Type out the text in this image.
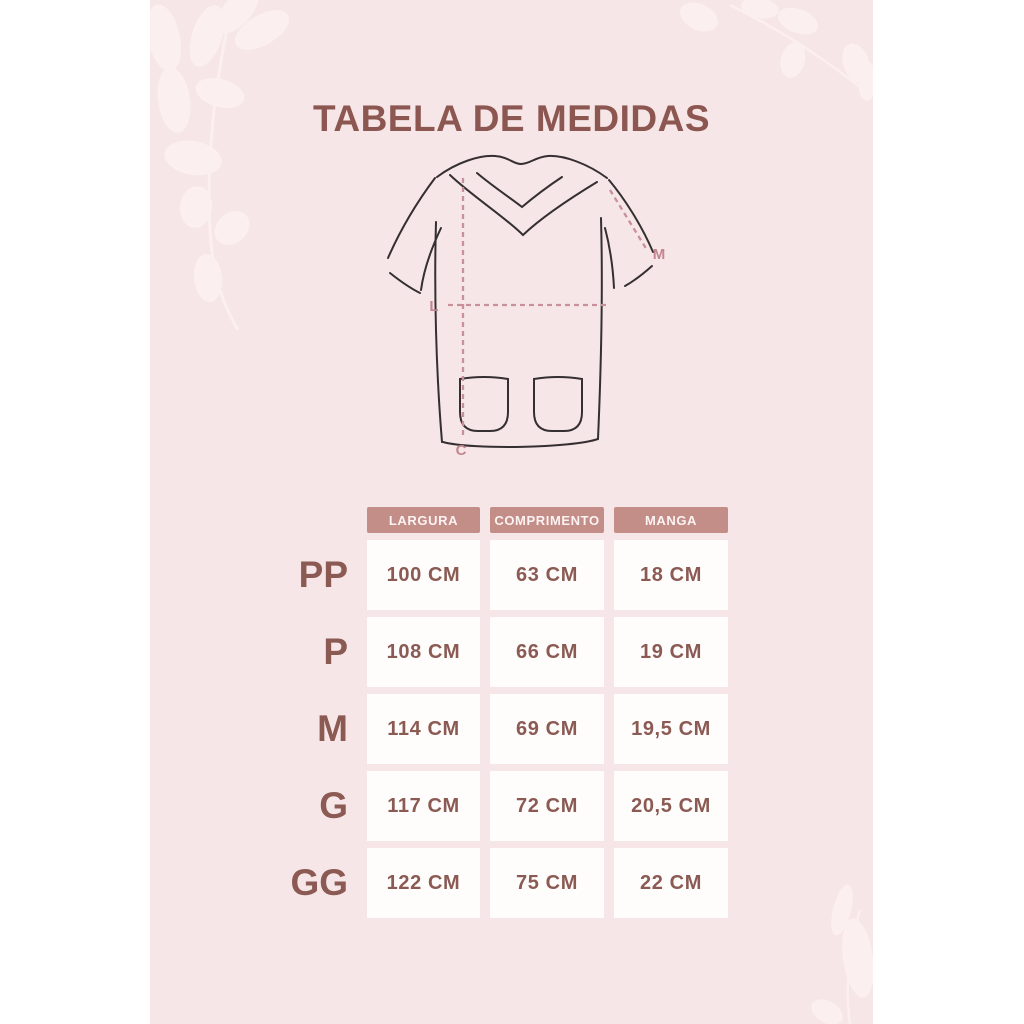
TABELA DE MEDIDAS
L
C
M
LARGURA	COMPRIMENTO	MANGA
PP	100 CM	63 CM	18 CM
P	108 CM	66 CM	19 CM
M	114 CM	69 CM	19,5 CM
G	117 CM	72 CM	20,5 CM
GG	122 CM	75 CM	22 CM
